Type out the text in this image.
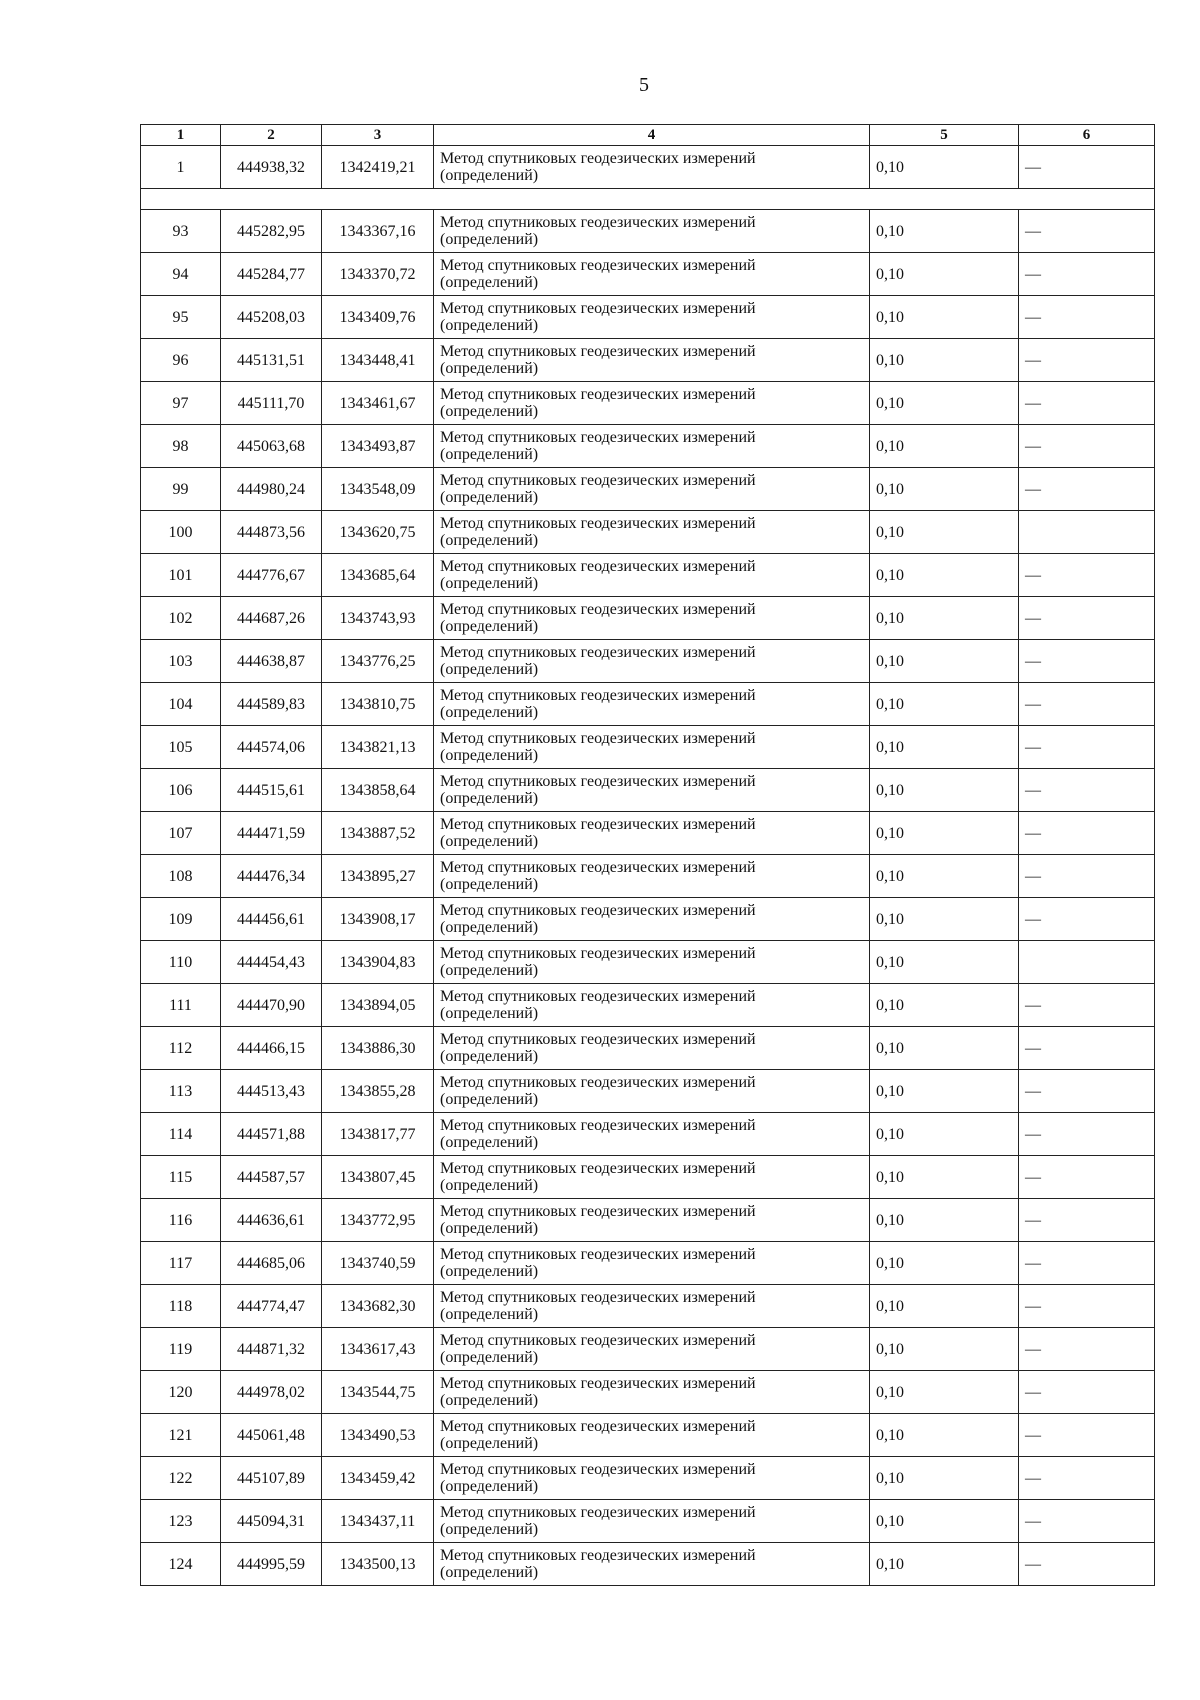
5
1	2	3	4	5	6
1	444938,32	1342419,21	Метод спутниковых геодезических измерений
(определений)	0,10	—

93	445282,95	1343367,16	Метод спутниковых геодезических измерений
(определений)	0,10	—
94	445284,77	1343370,72	Метод спутниковых геодезических измерений
(определений)	0,10	—
95	445208,03	1343409,76	Метод спутниковых геодезических измерений
(определений)	0,10	—
96	445131,51	1343448,41	Метод спутниковых геодезических измерений
(определений)	0,10	—
97	445111,70	1343461,67	Метод спутниковых геодезических измерений
(определений)	0,10	—
98	445063,68	1343493,87	Метод спутниковых геодезических измерений
(определений)	0,10	—
99	444980,24	1343548,09	Метод спутниковых геодезических измерений
(определений)	0,10	—
100	444873,56	1343620,75	Метод спутниковых геодезических измерений
(определений)	0,10	
101	444776,67	1343685,64	Метод спутниковых геодезических измерений
(определений)	0,10	—
102	444687,26	1343743,93	Метод спутниковых геодезических измерений
(определений)	0,10	—
103	444638,87	1343776,25	Метод спутниковых геодезических измерений
(определений)	0,10	—
104	444589,83	1343810,75	Метод спутниковых геодезических измерений
(определений)	0,10	—
105	444574,06	1343821,13	Метод спутниковых геодезических измерений
(определений)	0,10	—
106	444515,61	1343858,64	Метод спутниковых геодезических измерений
(определений)	0,10	—
107	444471,59	1343887,52	Метод спутниковых геодезических измерений
(определений)	0,10	—
108	444476,34	1343895,27	Метод спутниковых геодезических измерений
(определений)	0,10	—
109	444456,61	1343908,17	Метод спутниковых геодезических измерений
(определений)	0,10	—
110	444454,43	1343904,83	Метод спутниковых геодезических измерений
(определений)	0,10	
111	444470,90	1343894,05	Метод спутниковых геодезических измерений
(определений)	0,10	—
112	444466,15	1343886,30	Метод спутниковых геодезических измерений
(определений)	0,10	—
113	444513,43	1343855,28	Метод спутниковых геодезических измерений
(определений)	0,10	—
114	444571,88	1343817,77	Метод спутниковых геодезических измерений
(определений)	0,10	—
115	444587,57	1343807,45	Метод спутниковых геодезических измерений
(определений)	0,10	—
116	444636,61	1343772,95	Метод спутниковых геодезических измерений
(определений)	0,10	—
117	444685,06	1343740,59	Метод спутниковых геодезических измерений
(определений)	0,10	—
118	444774,47	1343682,30	Метод спутниковых геодезических измерений
(определений)	0,10	—
119	444871,32	1343617,43	Метод спутниковых геодезических измерений
(определений)	0,10	—
120	444978,02	1343544,75	Метод спутниковых геодезических измерений
(определений)	0,10	—
121	445061,48	1343490,53	Метод спутниковых геодезических измерений
(определений)	0,10	—
122	445107,89	1343459,42	Метод спутниковых геодезических измерений
(определений)	0,10	—
123	445094,31	1343437,11	Метод спутниковых геодезических измерений
(определений)	0,10	—
124	444995,59	1343500,13	Метод спутниковых геодезических измерений
(определений)	0,10	—
